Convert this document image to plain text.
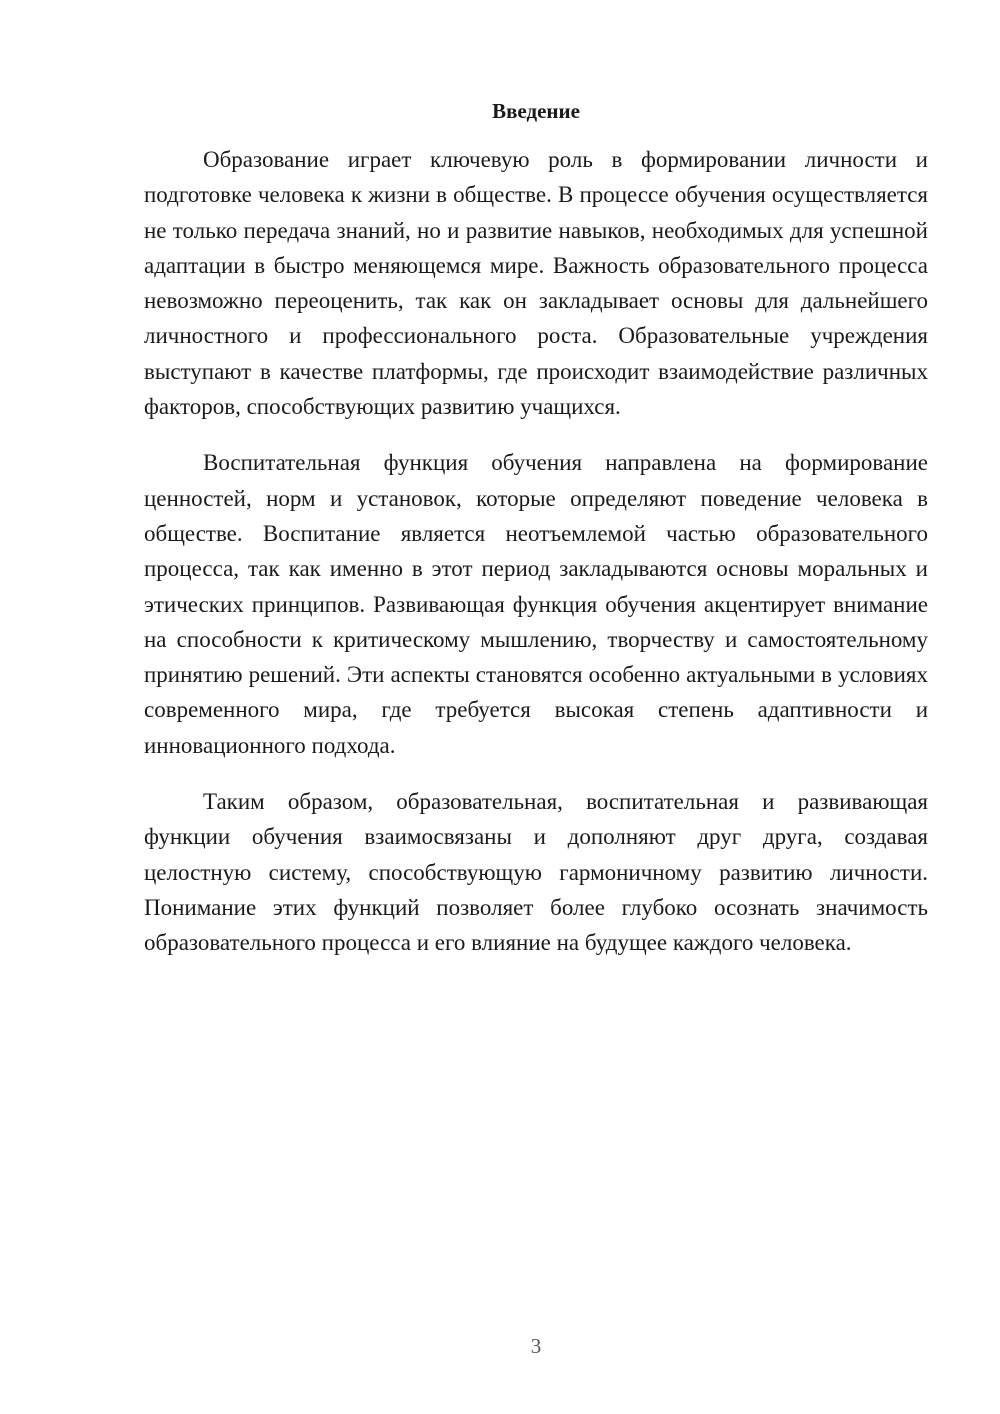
Введение

Образование играет ключевую роль в формировании личности и подготовке человека к жизни в обществе. В процессе обучения осуществляется не только передача знаний, но и развитие навыков, необходимых для успешной адаптации в быстро меняющемся мире. Важность образовательного процесса невозможно переоценить, так как он закладывает основы для дальнейшего личностного и профессионального роста. Образовательные учреждения выступают в качестве платформы, где происходит взаимодействие различных факторов, способствующих развитию учащихся.

Воспитательная функция обучения направлена на формирование ценностей, норм и установок, которые определяют поведение человека в обществе. Воспитание является неотъемлемой частью образовательного процесса, так как именно в этот период закладываются основы моральных и этических принципов. Развивающая функция обучения акцентирует внимание на способности к критическому мышлению, творчеству и самостоятельному принятию решений. Эти аспекты становятся особенно актуальными в условиях современного мира, где требуется высокая степень адаптивности и инновационного подхода.

Таким образом, образовательная, воспитательная и развивающая функции обучения взаимосвязаны и дополняют друг друга, создавая целостную систему, способствующую гармоничному развитию личности. Понимание этих функций позволяет более глубоко осознать значимость образовательного процесса и его влияние на будущее каждого человека.

3
